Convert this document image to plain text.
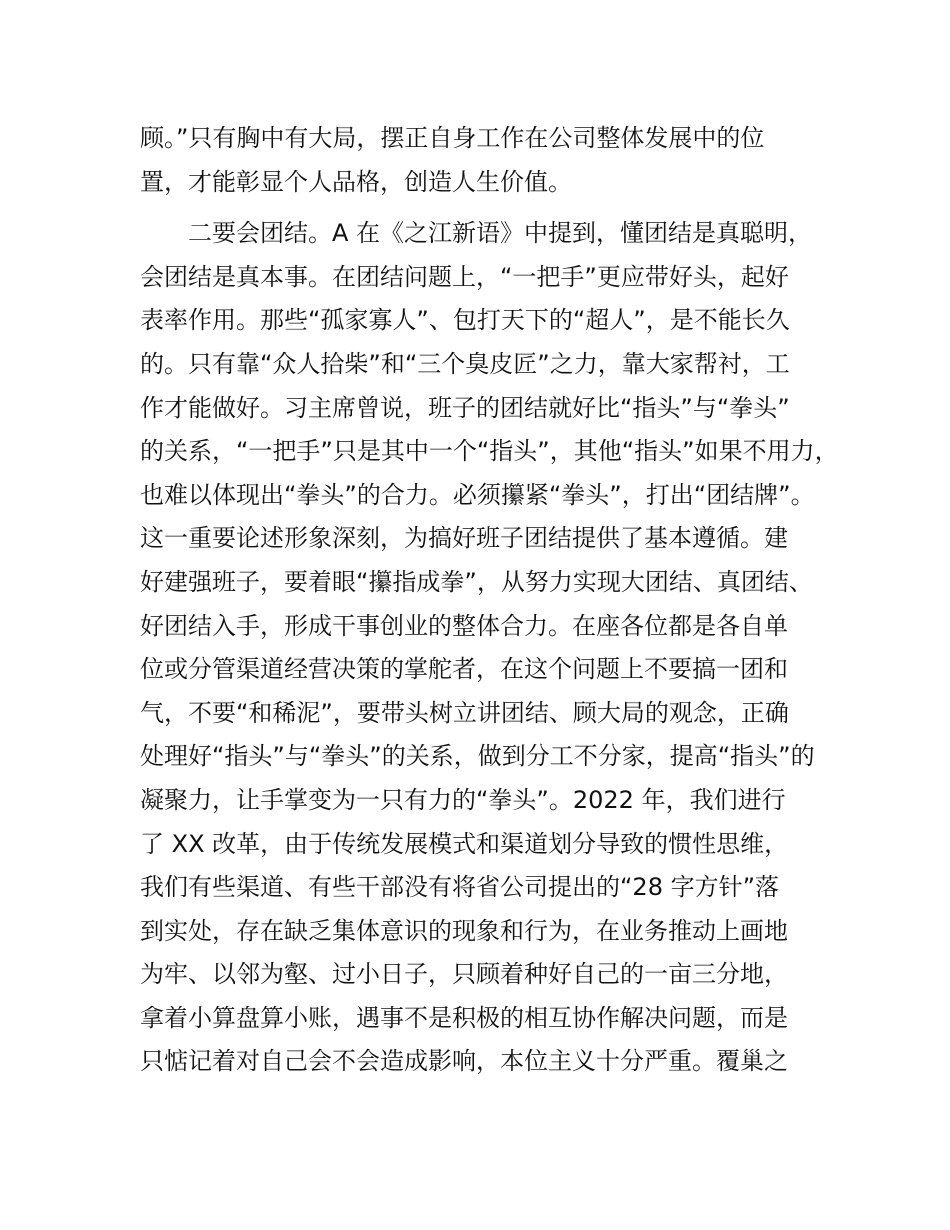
顾。”只有胸中有大局，摆正自身工作在公司整体发展中的位
置，才能彰显个人品格，创造人生价值。
二要会团结。A 在《之江新语》中提到，懂团结是真聪明，
会团结是真本事。在团结问题上，“一把手”更应带好头，起好
表率作用。那些“孤家寡人”、包打天下的“超人”，是不能长久
的。只有靠“众人拾柴”和“三个臭皮匠”之力，靠大家帮衬，工
作才能做好。习主席曾说，班子的团结就好比“指头”与“拳头”
的关系，“一把手”只是其中一个“指头”，其他“指头”如果不用力，
也难以体现出“拳头”的合力。必须攥紧“拳头”，打出“团结牌”。
这一重要论述形象深刻，为搞好班子团结提供了基本遵循。建
好建强班子，要着眼“攥指成拳”，从努力实现大团结、真团结、
好团结入手，形成干事创业的整体合力。在座各位都是各自单
位或分管渠道经营决策的掌舵者，在这个问题上不要搞一团和
气，不要“和稀泥”，要带头树立讲团结、顾大局的观念，正确
处理好“指头”与“拳头”的关系，做到分工不分家，提高“指头”的
凝聚力，让手掌变为一只有力的“拳头”。2022 年，我们进行
了 XX 改革，由于传统发展模式和渠道划分导致的惯性思维，
我们有些渠道、有些干部没有将省公司提出的“28 字方针”落
到实处，存在缺乏集体意识的现象和行为，在业务推动上画地
为牢、以邻为壑、过小日子，只顾着种好自己的一亩三分地，
拿着小算盘算小账，遇事不是积极的相互协作解决问题，而是
只惦记着对自己会不会造成影响，本位主义十分严重。覆巢之
